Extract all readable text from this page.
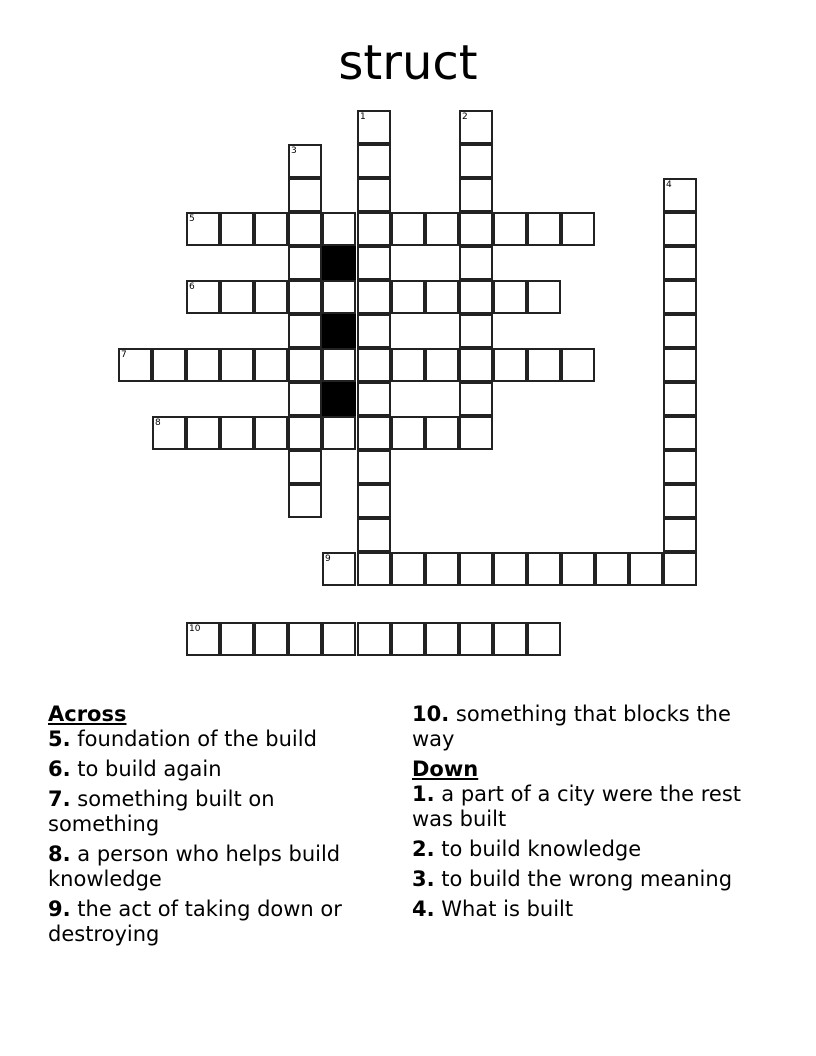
struct
1	2
3
4
5
6
7
8
9
10

Across

5. foundation of the build

6. to build again

7. something built on something

8. a person who helps build knowledge

9. the act of taking down or destroying

10. something that blocks the way

Down

1. a part of a city were the rest was built

2. to build knowledge

3. to build the wrong meaning

4. What is built
